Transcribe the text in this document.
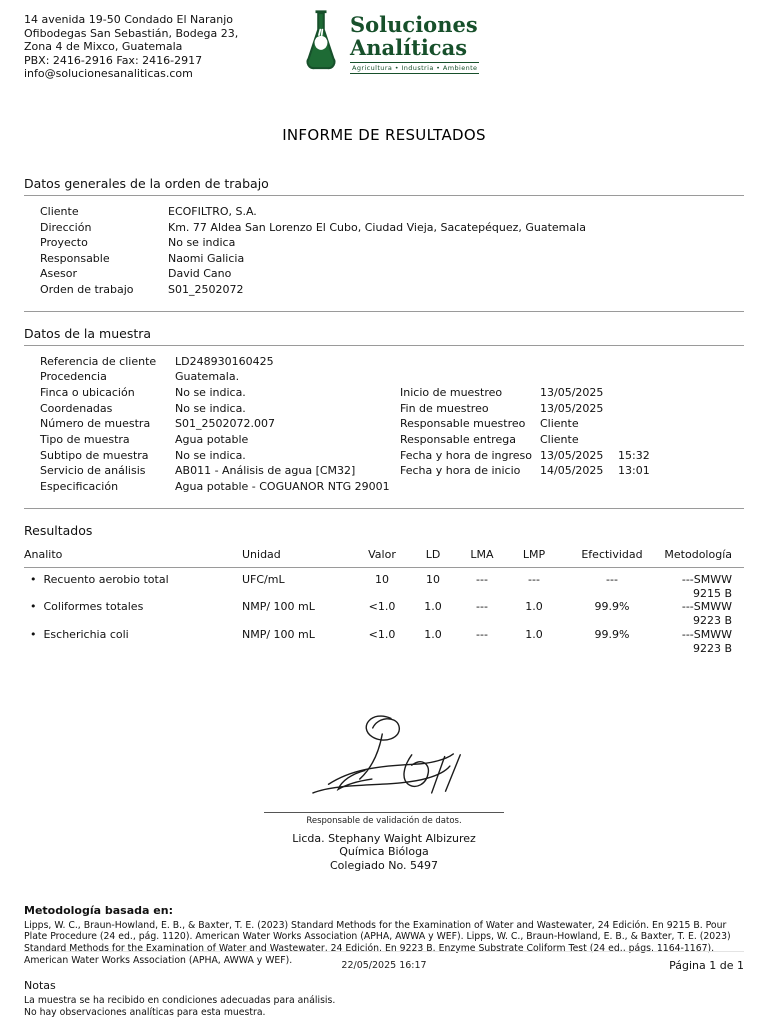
14 avenida 19-50 Condado El Naranjo
Ofibodegas San Sebastián, Bodega 23,
Zona 4 de Mixco, Guatemala
PBX: 2416-2916 Fax: 2416-2917
info@solucionesanaliticas.com
Soluciones
Analíticas
Agricultura • Industria • Ambiente
INFORME DE RESULTADOS
Datos generales de la orden de trabajo
Cliente	ECOFILTRO, S.A.
Dirección	Km. 77 Aldea San Lorenzo El Cubo, Ciudad Vieja, Sacatepéquez, Guatemala
Proyecto	No se indica
Responsable	Naomi Galicia
Asesor	David Cano
Orden de trabajo	S01_2502072
Datos de la muestra
Referencia de cliente	LD248930160425
Procedencia	Guatemala.
Finca o ubicación	No se indica.	Inicio de muestreo	13/05/2025
Coordenadas	No se indica.	Fin de muestreo	13/05/2025
Número de muestra	S01_2502072.007	Responsable muestreo	Cliente
Tipo de muestra	Agua potable	Responsable entrega	Cliente
Subtipo de muestra	No se indica.	Fecha y hora de ingreso 13/05/2025	15:32
Servicio de análisis	AB011 - Análisis de agua [CM32]	Fecha y hora de inicio	14/05/2025	13:01
Especificación	Agua potable - COGUANOR NTG 29001
Resultados
Analito	Unidad	Valor	LD	LMA	LMP	Efectividad	Metodología
•  Recuento aerobio total	UFC/mL	10	10	---	---	---	---SMWW 9215 B
•  Coliformes totales	NMP/ 100 mL	<1.0	1.0	---	1.0	99.9%	---SMWW 9223 B
•  Escherichia coli	NMP/ 100 mL	<1.0	1.0	---	1.0	99.9%	---SMWW 9223 B
Responsable de validación de datos.
Licda. Stephany Waight Albizurez
Química Bióloga
Colegiado No. 5497
Metodología basada en:
Lipps, W. C., Braun-Howland, E. B., & Baxter, T. E. (2023) Standard Methods for the Examination of Water and Wastewater, 24 Edición. En 9215 B. Pour Plate Procedure (24 ed., pág. 1120). American Water Works Association (APHA, AWWA y WEF). Lipps, W. C., Braun-Howland, E. B., & Baxter, T. E. (2023) Standard Methods for the Examination of Water and Wastewater, 24 Edición. En 9223 B. Enzyme Substrate Coliform Test (24 ed., págs. 1164-1167). American Water Works Association (APHA, AWWA y WEF).
Notas
La muestra se ha recibido en condiciones adecuadas para análisis.
No hay observaciones analíticas para esta muestra.
22/05/2025 16:17	Página 1 de 1
